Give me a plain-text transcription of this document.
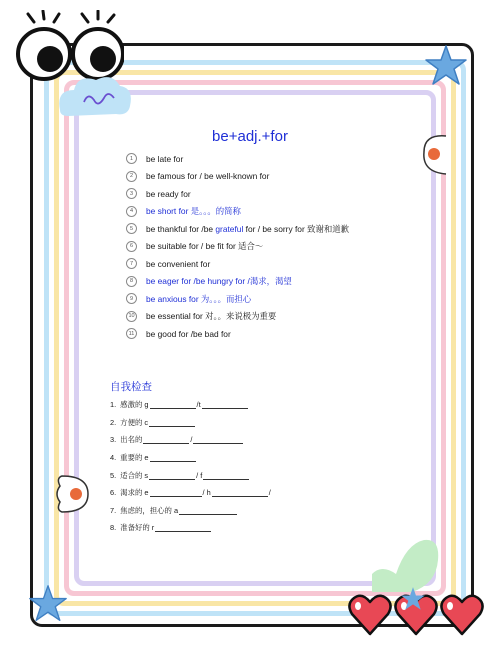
be+adj.+for
1	be late for
2	be famous for / be well-known for
3	be ready for
4	be short for 是。。。的简称
5	be thankful for /be grateful for / be sorry for 致谢和道歉
6	be suitable for / be fit for 适合～
7	be convenient for
8	be eager for /be hungry for /渴求，渴望
9	be anxious for 为。。。而担心
10 be essential for 对。。来说极为重要
11	be good for /be bad for
自我检查
1. 感激的 g	/t
2. 方便的 c
3. 出名的	/
4. 重要的 e
5. 适合的 s	/ f
6. 渴求的 e	/ h	/
7. 焦虑的，担心的 a
8. 准备好的 r
